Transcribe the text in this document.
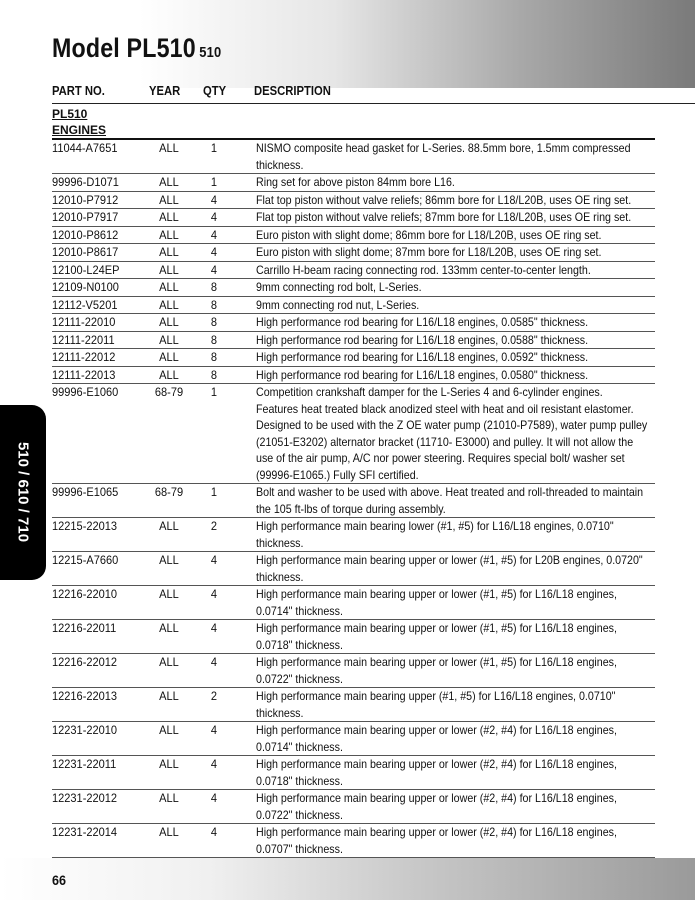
Model PL510 510
PART NO.	YEAR QTY DESCRIPTION
PL510
ENGINES
11044-A7651	ALL	1	NISMO composite head gasket for L-Series. 88.5mm bore, 1.5mm compressed thickness.
99996-D1071	ALL	1	Ring set for above piston 84mm bore L16.
12010-P7912	ALL	4	Flat top piston without valve reliefs; 86mm bore for L18/L20B, uses OE ring set.
12010-P7917	ALL	4	Flat top piston without valve reliefs; 87mm bore for L18/L20B, uses OE ring set.
12010-P8612	ALL	4	Euro piston with slight dome; 86mm bore for L18/L20B, uses OE ring set.
12010-P8617	ALL	4	Euro piston with slight dome; 87mm bore for L18/L20B, uses OE ring set.
12100-L24EP	ALL	4	Carrillo H-beam racing connecting rod. 133mm center-to-center length.
12109-N0100	ALL	8	9mm connecting rod bolt, L-Series.
12112-V5201	ALL	8	9mm connecting rod nut, L-Series.
12111-22010	ALL	8	High performance rod bearing for L16/L18 engines, 0.0585" thickness.
12111-22011	ALL	8	High performance rod bearing for L16/L18 engines, 0.0588" thickness.
12111-22012	ALL	8	High performance rod bearing for L16/L18 engines, 0.0592" thickness.
12111-22013	ALL	8	High performance rod bearing for L16/L18 engines, 0.0580" thickness.
99996-E1060	68-79	1	Competition crankshaft damper for the L-Series 4 and 6-cylinder engines. Features heat treated black anodized steel with heat and oil resistant elastomer. Designed to be used with the Z OE water pump (21010-P7589), water pump pulley (21051-E3202) alternator bracket (11710- E3000) and pulley. It will not allow the use of the air pump, A/C nor power steering. Requires special bolt/ washer set (99996-E1065.) Fully SFI certified.
99996-E1065	68-79	1	Bolt and washer to be used with above. Heat treated and roll-threaded to maintain the 105 ft-lbs of torque during assembly.
12215-22013	ALL	2	High performance main bearing lower (#1, #5) for L16/L18 engines, 0.0710" thickness.
12215-A7660	ALL	4	High performance main bearing upper or lower (#1, #5) for L20B engines, 0.0720" thickness.
12216-22010	ALL	4	High performance main bearing upper or lower (#1, #5) for L16/L18 engines, 0.0714" thickness.
12216-22011	ALL	4	High performance main bearing upper or lower (#1, #5) for L16/L18 engines, 0.0718" thickness.
12216-22012	ALL	4	High performance main bearing upper or lower (#1, #5) for L16/L18 engines, 0.0722" thickness.
12216-22013	ALL	2	High performance main bearing upper (#1, #5) for L16/L18 engines, 0.0710" thickness.
12231-22010	ALL	4	High performance main bearing upper or lower (#2, #4) for L16/L18 engines, 0.0714" thickness.
12231-22011	ALL	4	High performance main bearing upper or lower (#2, #4) for L16/L18 engines, 0.0718" thickness.
12231-22012	ALL	4	High performance main bearing upper or lower (#2, #4) for L16/L18 engines, 0.0722" thickness.
12231-22014	ALL	4	High performance main bearing upper or lower (#2, #4) for L16/L18 engines, 0.0707" thickness.
510 / 610 / 710
66
